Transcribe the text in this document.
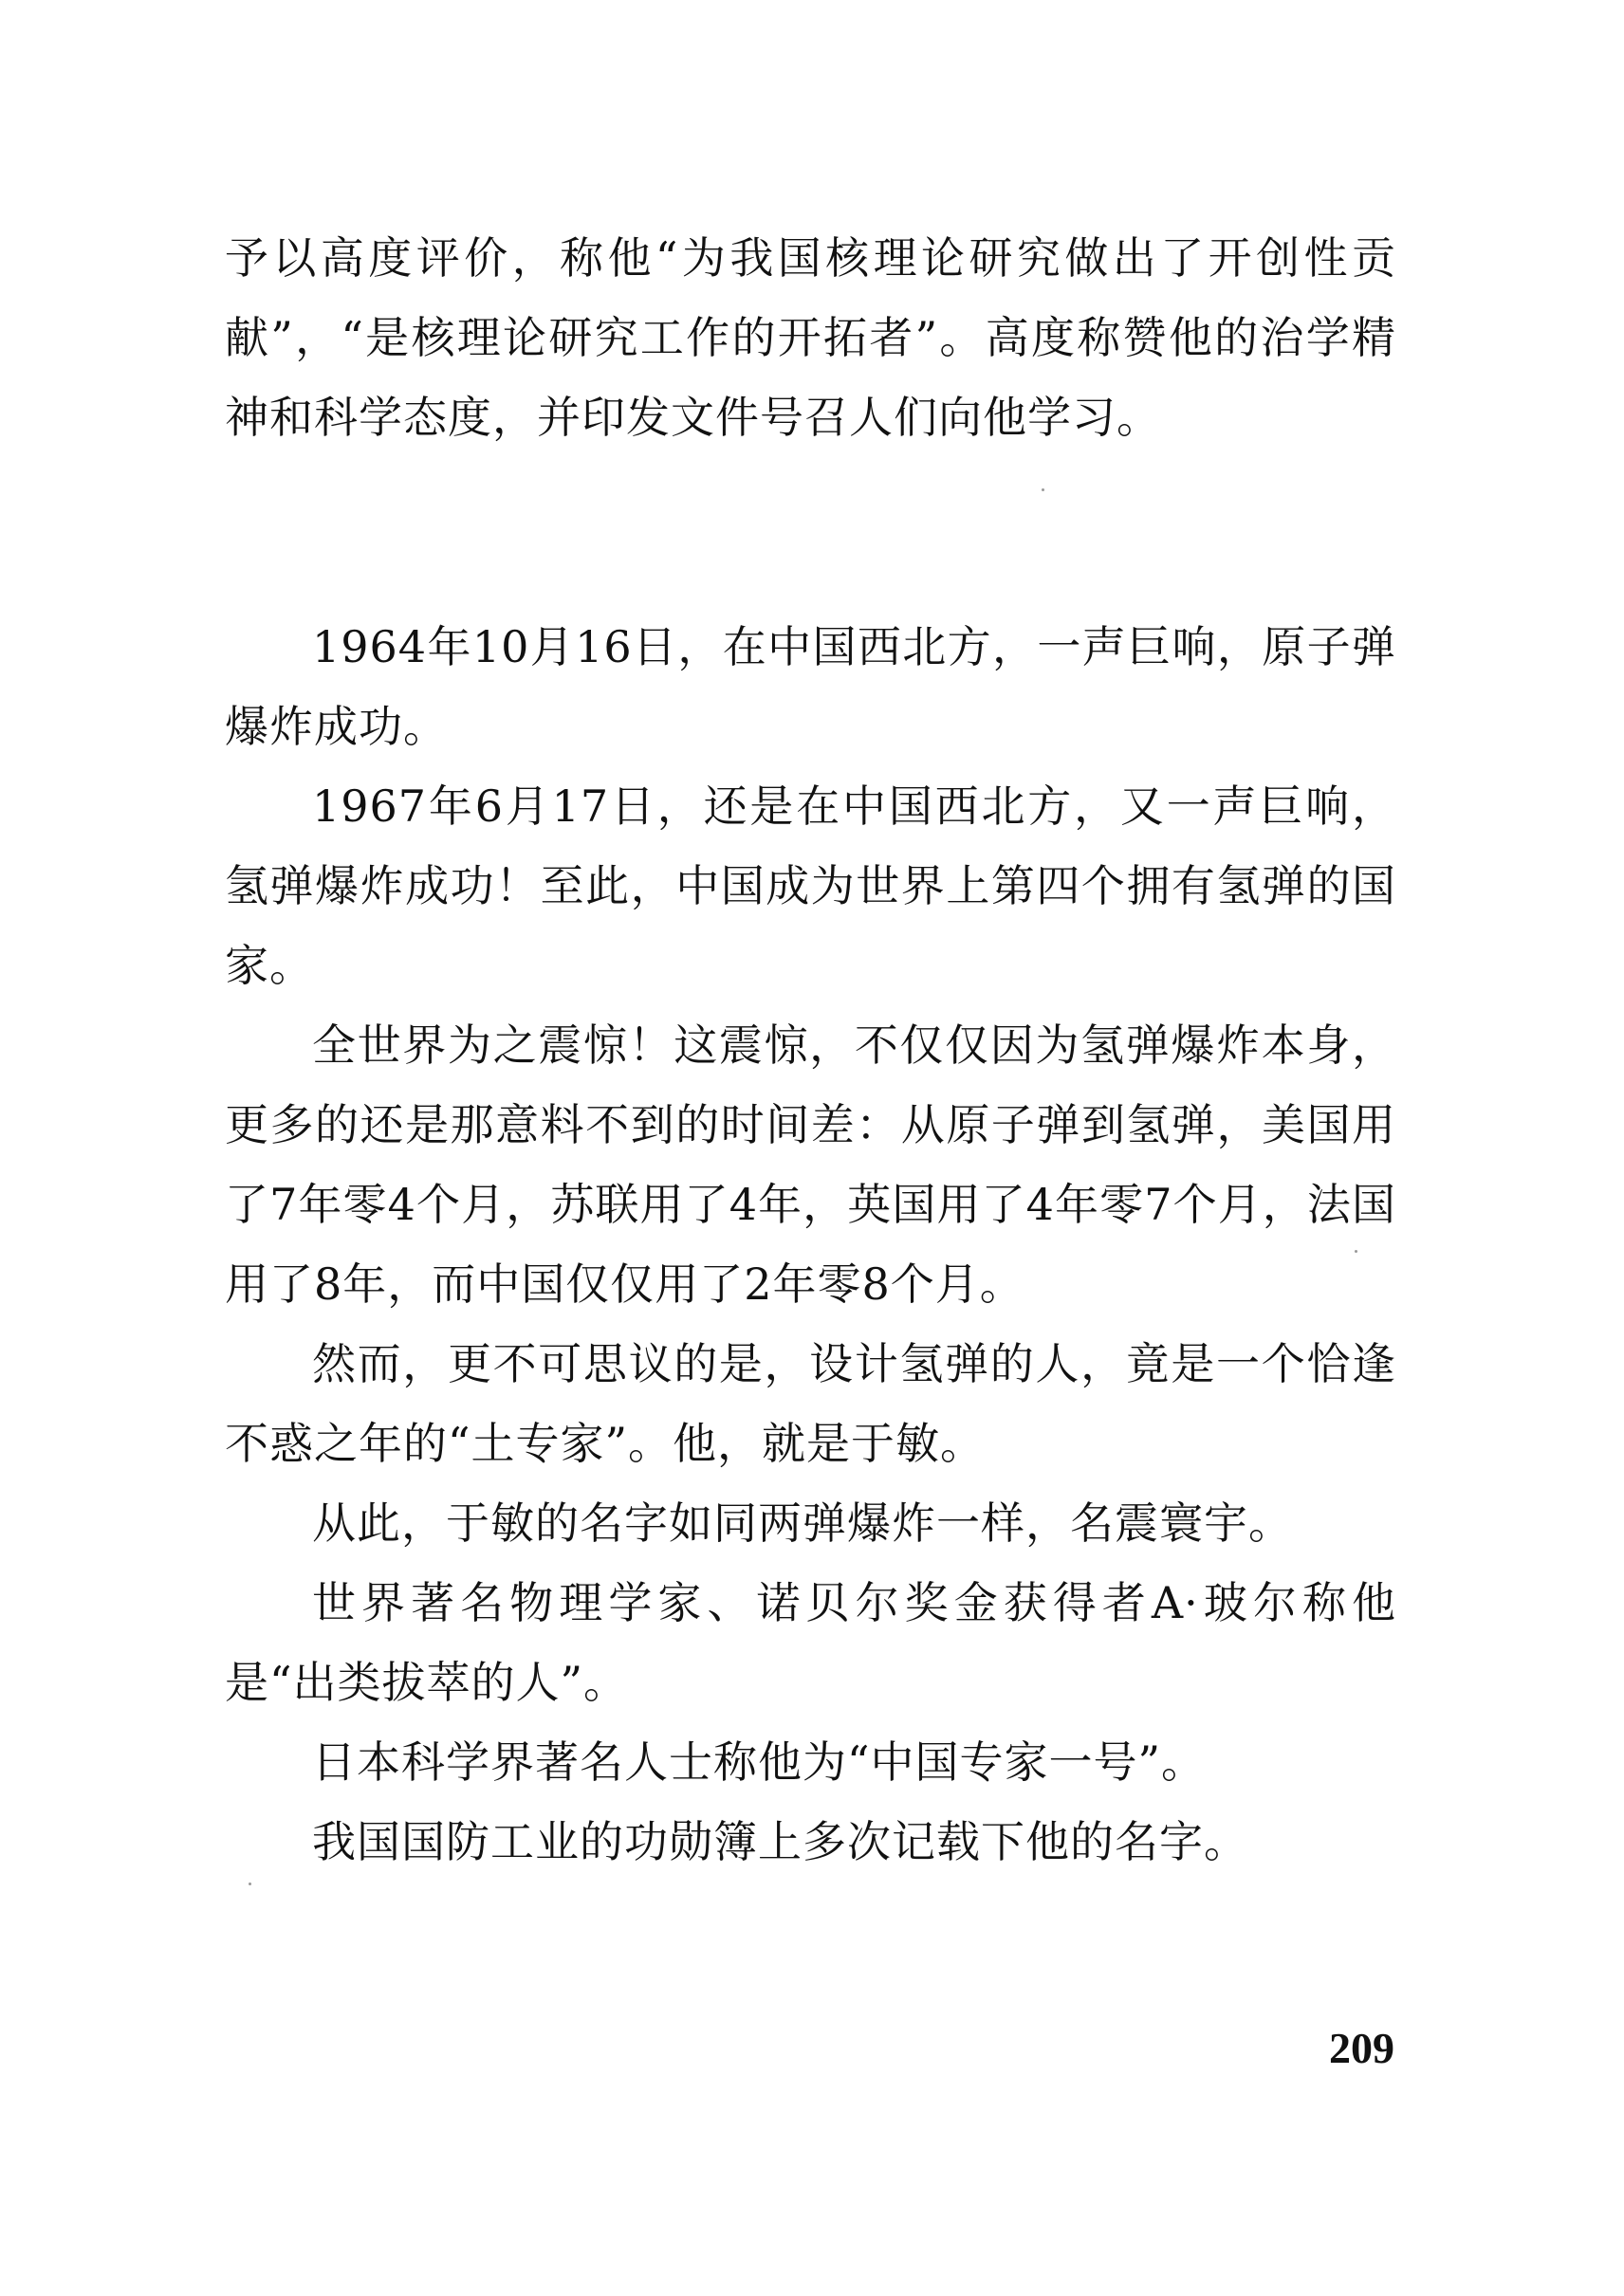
予以高度评价，称他“为我国核理论研究做出了开创性贡献”，“是核理论研究工作的开拓者”。高度称赞他的治学精神和科学态度，并印发文件号召人们向他学习。

1964年10月16日，在中国西北方，一声巨响，原子弹爆炸成功。

1967年6月17日，还是在中国西北方，又一声巨响，氢弹爆炸成功！至此，中国成为世界上第四个拥有氢弹的国家。

全世界为之震惊！这震惊，不仅仅因为氢弹爆炸本身，更多的还是那意料不到的时间差：从原子弹到氢弹，美国用了7年零4个月，苏联用了4年，英国用了4年零7个月，法国用了8年，而中国仅仅用了2年零8个月。

然而，更不可思议的是，设计氢弹的人，竟是一个恰逢不惑之年的“土专家”。他，就是于敏。

从此，于敏的名字如同两弹爆炸一样，名震寰宇。

世界著名物理学家、诺贝尔奖金获得者A·玻尔称他是“出类拔萃的人”。

日本科学界著名人士称他为“中国专家一号”。

我国国防工业的功勋簿上多次记载下他的名字。

209
